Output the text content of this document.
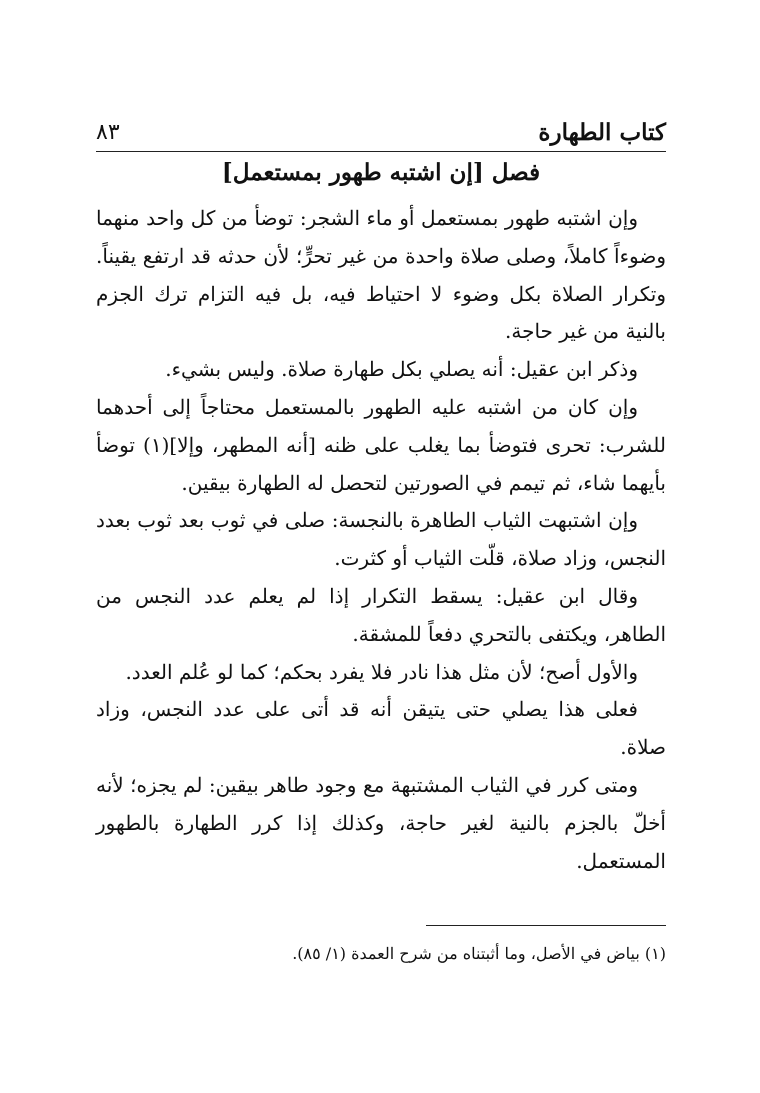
كتاب الطهارة
٨٣
فصل [إن اشتبه طهور بمستعمل]

وإن اشتبه طهور بمستعمل أو ماء الشجر: توضأ من كل واحد منهما وضوءاً كاملاً، وصلى صلاة واحدة من غير تحرٍّ؛ لأن حدثه قد ارتفع يقيناً. وتكرار الصلاة بكل وضوء لا احتياط فيه، بل فيه التزام ترك الجزم بالنية من غير حاجة.

وذكر ابن عقيل: أنه يصلي بكل طهارة صلاة. وليس بشيء.

وإن كان من اشتبه عليه الطهور بالمستعمل محتاجاً إلى أحدهما للشرب: تحرى فتوضأ بما يغلب على ظنه [أنه المطهر، وإلا](١) توضأ بأيهما شاء، ثم تيمم في الصورتين لتحصل له الطهارة بيقين.

وإن اشتبهت الثياب الطاهرة بالنجسة: صلى في ثوب بعد ثوب بعدد النجس، وزاد صلاة، قلّت الثياب أو كثرت.

وقال ابن عقيل: يسقط التكرار إذا لم يعلم عدد النجس من الطاهر، ويكتفى بالتحري دفعاً للمشقة.

والأول أصح؛ لأن مثل هذا نادر فلا يفرد بحكم؛ كما لو عُلم العدد.

فعلى هذا يصلي حتى يتيقن أنه قد أتى على عدد النجس، وزاد صلاة.

ومتى كرر في الثياب المشتبهة مع وجود طاهر بيقين: لم يجزه؛ لأنه أخلّ بالجزم بالنية لغير حاجة، وكذلك إذا كرر الطهارة بالطهور المستعمل.

(١) بياض في الأصل، وما أثبتناه من شرح العمدة (١/ ٨٥).
